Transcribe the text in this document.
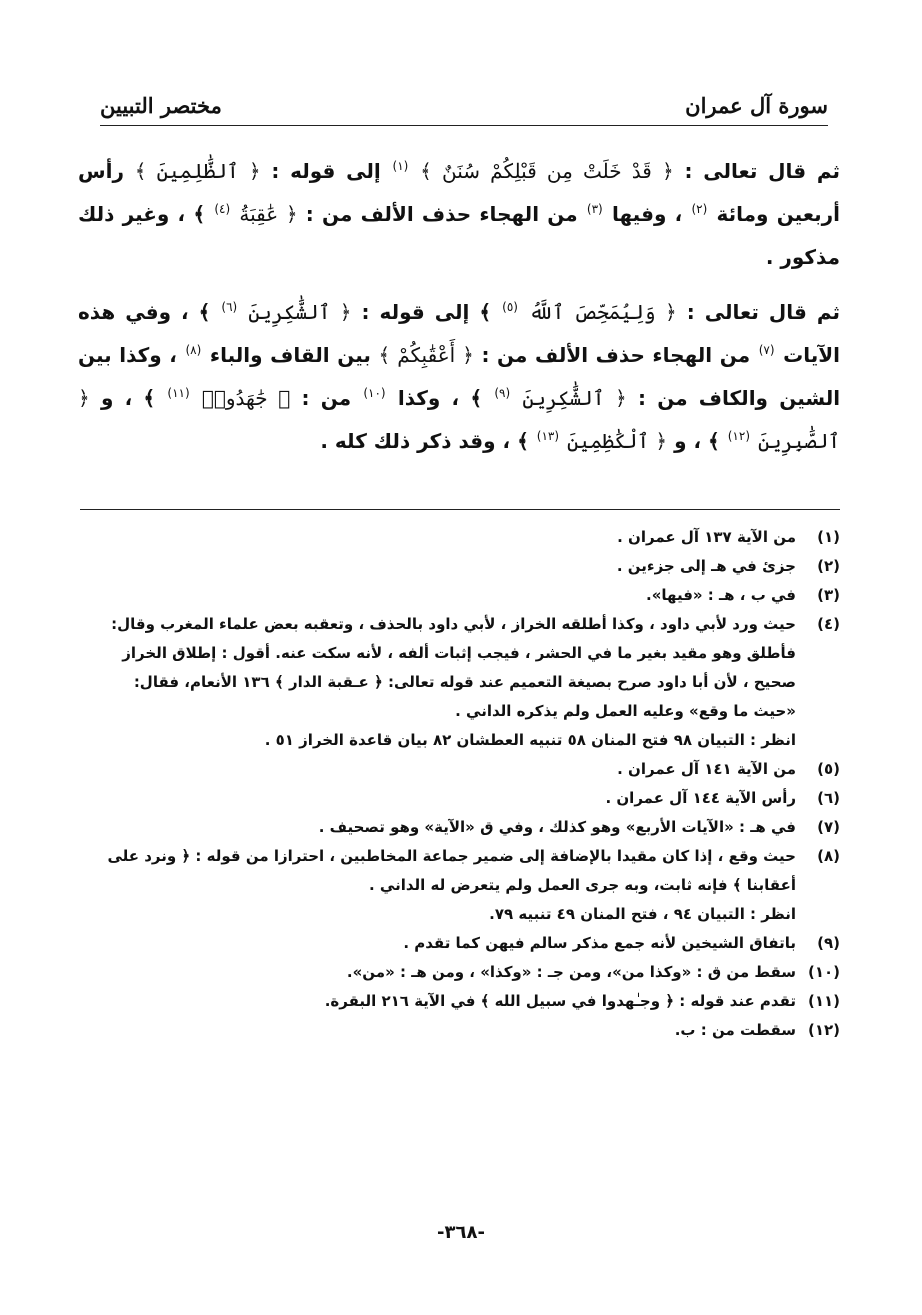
مختصر التبيين	سورة آل عمران

ثم قال تعالى : ﴿ قَدْ خَلَتْ مِن قَبْلِكُمْ سُنَنٌ ﴾ $^{(١)}$ إلى قوله : ﴿ ٱلظَّٰلِمِينَ ﴾ رأس أربعين ومائة $^{(٢)}$ ، وفيها $^{(٣)}$ من الهجاء حذف الألف من : ﴿ عَٰقِبَةُ $^{(٤)}$ ﴾ ، وغير ذلك مذكور .

ثم قال تعالى : ﴿ وَلِيُمَحِّصَ ٱللَّهُ $^{(٥)}$ ﴾ إلى قوله : ﴿ ٱلشَّٰكِرِينَ $^{(٦)}$ ﴾ ، وفي هذه الآيات $^{(٧)}$ من الهجاء حذف الألف من : ﴿ أَعْقَٰبِكُمْ ﴾ بين القاف والباء $^{(٨)}$ ، وكذا بين الشين والكاف من : ﴿ ٱلشَّٰكِرِينَ $^{(٩)}$ ﴾ ، وكذا $^{(١٠)}$ من : ﴿ جَٰهَدُوا۟ $^{(١١)}$ ﴾ ، و ﴿ ٱلصَّٰبِرِينَ $^{(١٢)}$ ﴾ ، و ﴿ ٱلْكَٰظِمِينَ $^{(١٣)}$ ﴾ ، وقد ذكر ذلك كله .

(١)
من الآية ١٣٧ آل عمران .
(٢)
جزئ في هـ إلى جزءين .
(٣)
في ب ، هـ : «فيها».
(٤)
حيث ورد لأبي داود ، وكذا أطلقه الخراز ، لأبي داود بالحذف ، وتعقبه بعض علماء المغرب وقال:
فأطلق وهو مقيد بغير ما في الحشر ، فيجب إثبات ألفه ، لأنه سكت عنه. أقول : إطلاق الخراز
صحيح ، لأن أبا داود صرح بصيغة التعميم عند قوله تعالى: ﴿ عـقبة الدار ﴾ ١٣٦ الأنعام، فقال:
«حيث ما وقع» وعليه العمل ولم يذكره الداني .
انظر : التبيان ٩٨ فتح المنان ٥٨ تنبيه العطشان ٨٢ بيان قاعدة الخراز ٥١ .
(٥)
من الآية ١٤١ آل عمران .
(٦)
رأس الآية ١٤٤ آل عمران .
(٧)
في هـ : «الآيات الأربع» وهو كذلك ، وفي ق «الآية» وهو تصحيف .
(٨)
حيث وقع ، إذا كان مقيدا بالإضافة إلى ضمير جماعة المخاطبين ، احترازا من قوله : ﴿ ونرد على
أعقابنا ﴾ فإنه ثابت، وبه جرى العمل ولم يتعرض له الداني .
انظر : التبيان ٩٤ ، فتح المنان ٤٩ تنبيه ٧٩.
(٩)
باتفاق الشيخين لأنه جمع مذكر سالم فيهن كما تقدم .
(١٠)
سقط من ق : «وكذا من»، ومن جـ : «وكذا» ، ومن هـ : «من».
(١١)
تقدم عند قوله : ﴿ وجـٰهدوا في سبيل الله ﴾ في الآية ٢١٦ البقرة.
(١٢)
سقطت من : ب.
-٣٦٨-
